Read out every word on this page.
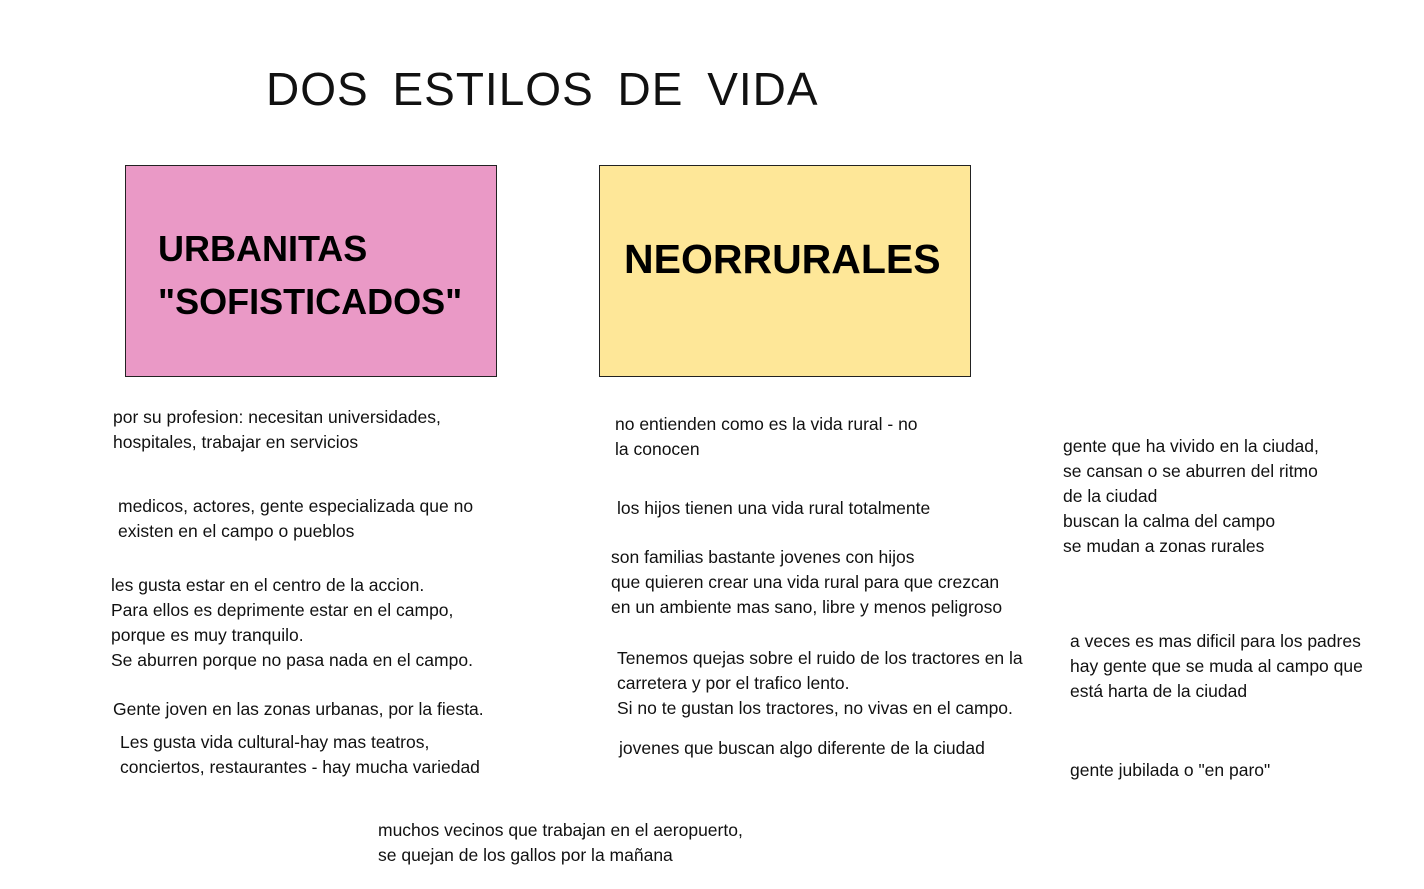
DOS ESTILOS DE VIDA
URBANITAS
"SOFISTICADOS"
NEORRURALES
por su profesion: necesitan universidades,
hospitales, trabajar en servicios
medicos, actores, gente especializada que no
existen en el campo o pueblos
les gusta estar en el centro de la accion.
Para ellos es deprimente estar en el campo,
porque es muy tranquilo.
Se aburren porque no pasa nada en el campo.
Gente joven en las zonas urbanas, por la fiesta.
Les gusta vida cultural-hay mas teatros,
conciertos, restaurantes - hay mucha variedad
no entienden como es la vida rural - no
la conocen
los hijos tienen una vida rural totalmente
son familias bastante jovenes con hijos
que quieren crear una vida rural para que crezcan
en un ambiente mas sano, libre y menos peligroso
Tenemos quejas sobre el ruido de los tractores en la
carretera y por el trafico lento.
Si no te gustan los tractores, no vivas en el campo.
jovenes que buscan algo diferente de la ciudad
gente que ha vivido en la ciudad,
se cansan o se aburren del ritmo
de la ciudad
buscan la calma del campo
se mudan a zonas rurales
a veces es mas dificil para los padres
hay gente que se muda al campo que
está harta de la ciudad
gente jubilada o "en paro"
muchos vecinos que trabajan en el aeropuerto,
se quejan de los gallos por la mañana
